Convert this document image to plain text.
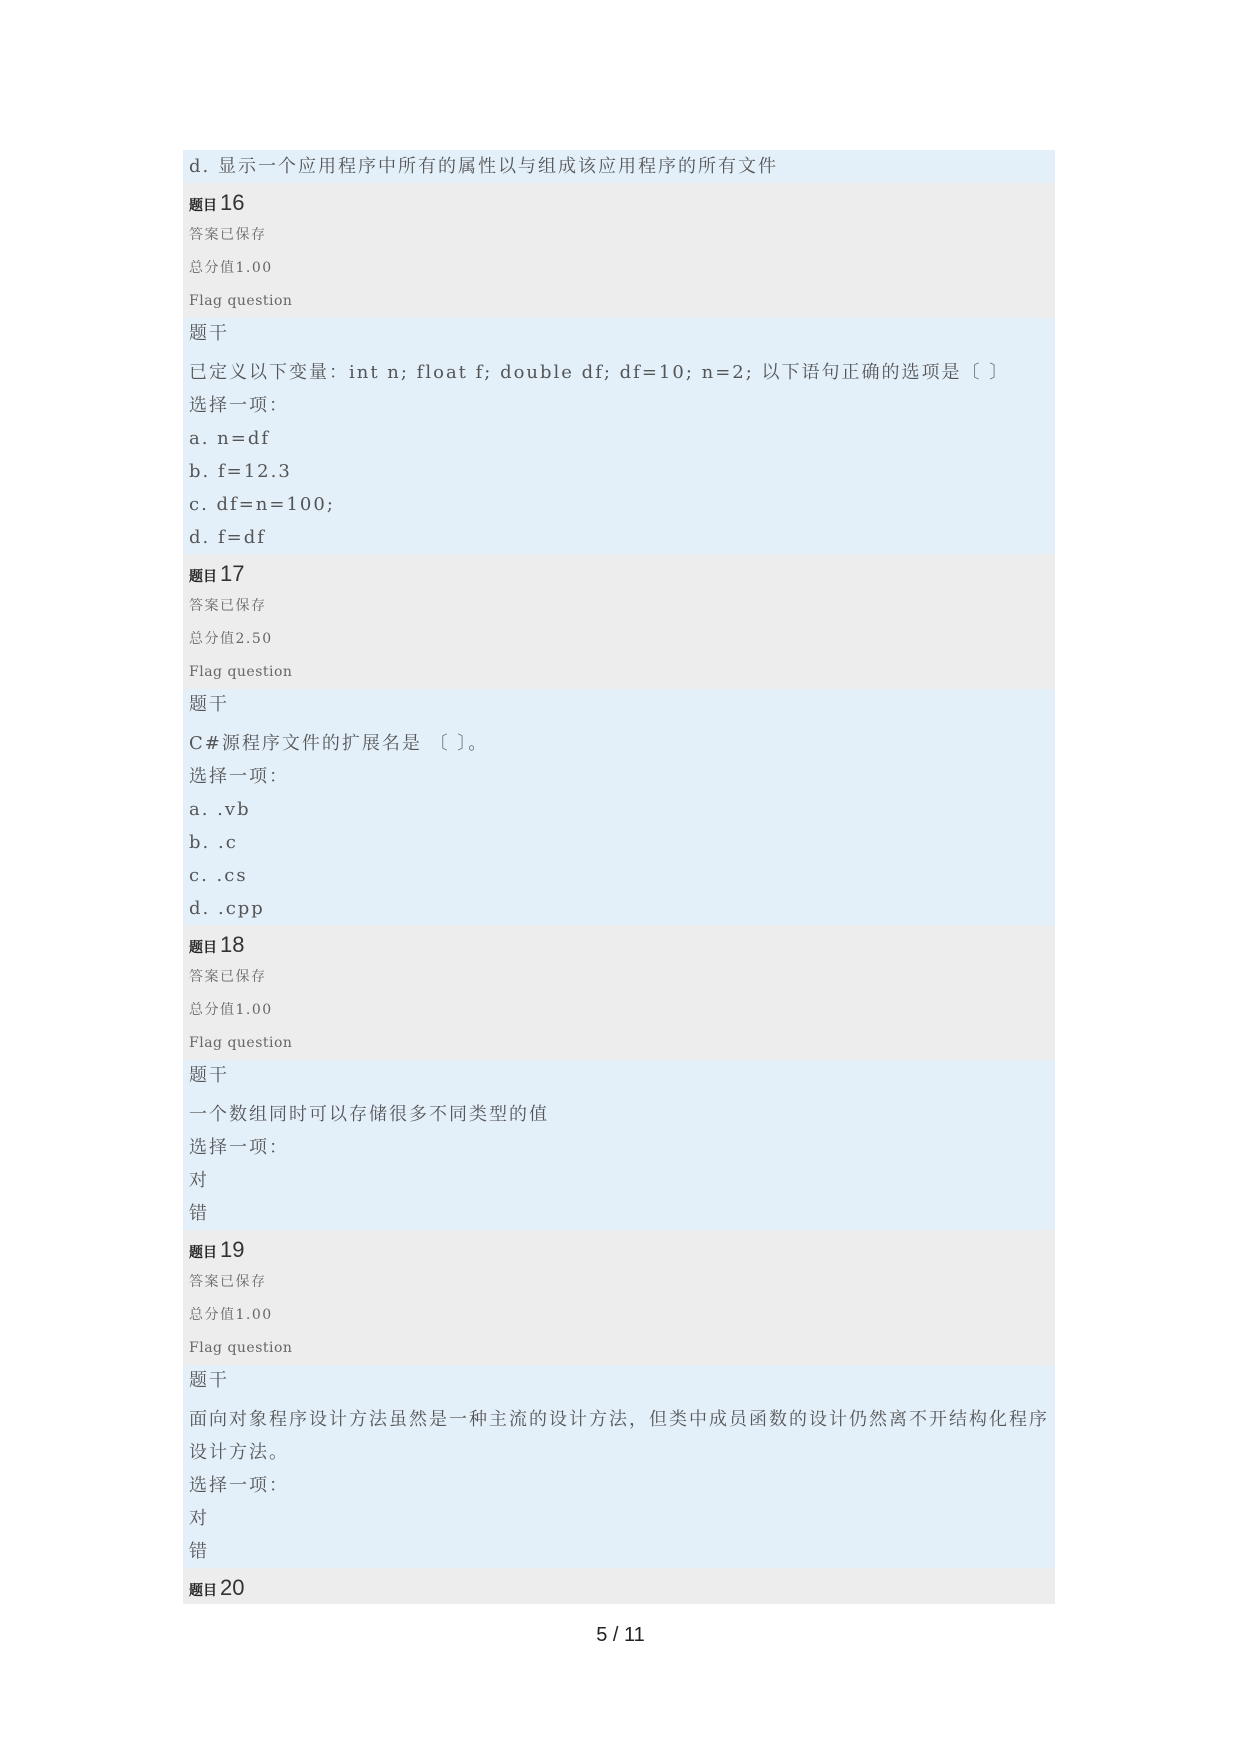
d. 显示一个应用程序中所有的属性以与组成该应用程序的所有文件
题目 16
答案已保存
总分值1.00
Flag question
题干
已定义以下变量：int n; float f; double df; df=10; n=2; 以下语句正确的选项是〔 〕
选择一项：
a. n=df
b. f=12.3
c. df=n=100;
d. f=df
题目 17
答案已保存
总分值2.50
Flag question
题干
C#源程序文件的扩展名是 〔 〕。
选择一项：
a. .vb
b. .c
c. .cs
d. .cpp
题目 18
答案已保存
总分值1.00
Flag question
题干
一个数组同时可以存储很多不同类型的值
选择一项：
对
错
题目 19
答案已保存
总分值1.00
Flag question
题干
面向对象程序设计方法虽然是一种主流的设计方法，但类中成员函数的设计仍然离不开结构化程序设计方法。
选择一项：
对
错
题目 20
5 / 11
